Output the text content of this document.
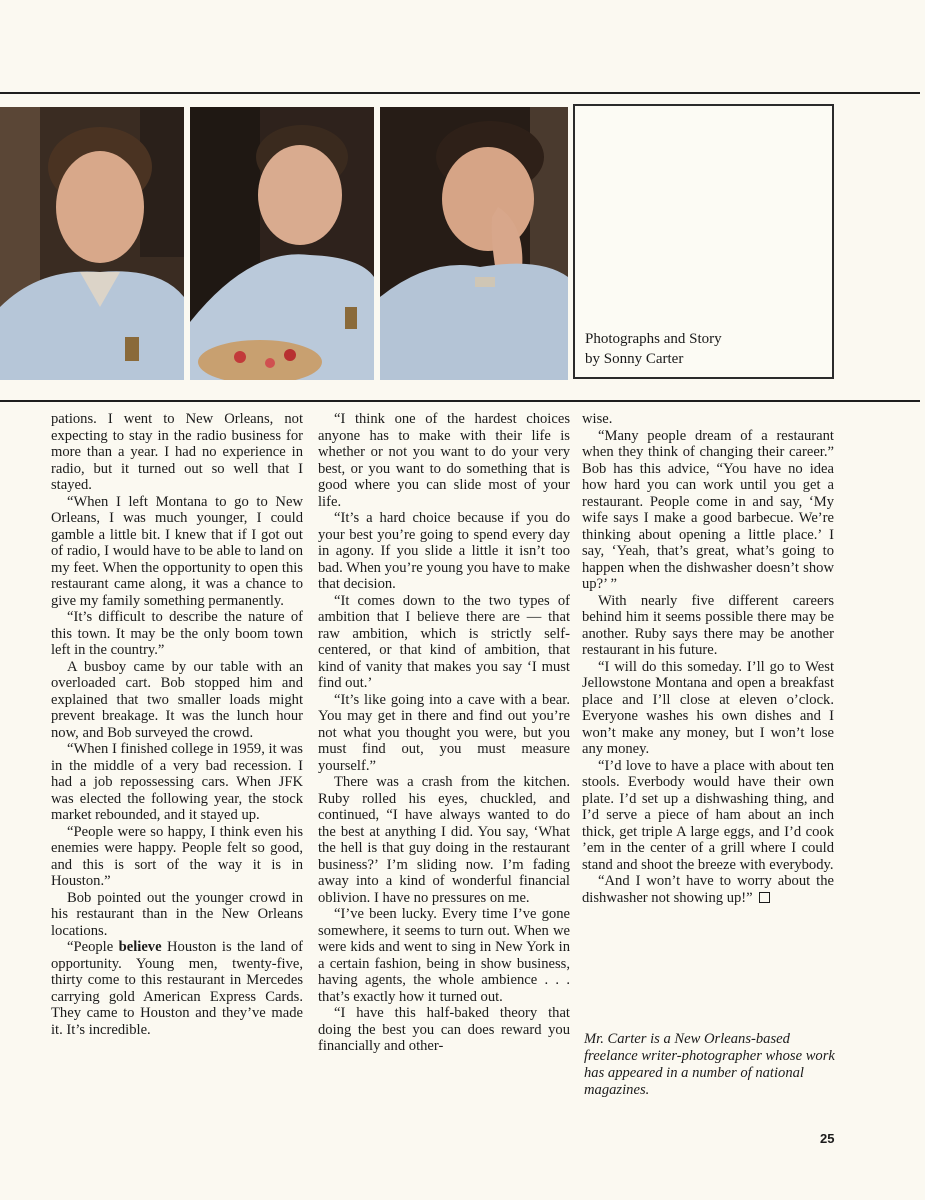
Photographs and Story
by Sonny Carter

pations. I went to New Orleans, not expecting to stay in the radio business for more than a year. I had no experience in radio, but it turned out so well that I stayed.

“When I left Montana to go to New Orleans, I was much younger, I could gamble a little bit. I knew that if I got out of radio, I would have to be able to land on my feet. When the opportunity to open this restaurant came along, it was a chance to give my family something permanently.

“It’s difficult to describe the nature of this town. It may be the only boom town left in the country.”

A busboy came by our table with an overloaded cart. Bob stopped him and explained that two smaller loads might prevent breakage. It was the lunch hour now, and Bob surveyed the crowd.

“When I finished college in 1959, it was in the middle of a very bad recession. I had a job repossessing cars. When JFK was elected the following year, the stock market rebounded, and it stayed up.

“People were so happy, I think even his enemies were happy. People felt so good, and this is sort of the way it is in Houston.”

Bob pointed out the younger crowd in his restaurant than in the New Orleans locations.

“People believe Houston is the land of opportunity. Young men, twenty-five, thirty come to this restaurant in Mercedes carrying gold American Express Cards. They came to Houston and they’ve made it. It’s incredible.

“I think one of the hardest choices anyone has to make with their life is whether or not you want to do your very best, or you want to do something that is good where you can slide most of your life.

“It’s a hard choice because if you do your best you’re going to spend every day in agony. If you slide a little it isn’t too bad. When you’re young you have to make that decision.

“It comes down to the two types of ambition that I believe there are — that raw ambition, which is strictly self-centered, or that kind of ambition, that kind of vanity that makes you say ‘I must find out.’

“It’s like going into a cave with a bear. You may get in there and find out you’re not what you thought you were, but you must find out, you must measure yourself.”

There was a crash from the kitchen. Ruby rolled his eyes, chuckled, and continued, “I have always wanted to do the best at anything I did. You say, ‘What the hell is that guy doing in the restaurant business?’ I’m sliding now. I’m fading away into a kind of wonderful financial oblivion. I have no pressures on me.

“I’ve been lucky. Every time I’ve gone somewhere, it seems to turn out. When we were kids and went to sing in New York in a certain fashion, being in show business, having agents, the whole ambience . . . that’s exactly how it turned out.

“I have this half-baked theory that doing the best you can does reward you financially and other-

wise.

“Many people dream of a restaurant when they think of changing their career.” Bob has this advice, “You have no idea how hard you can work until you get a restaurant. People come in and say, ‘My wife says I make a good barbecue. We’re thinking about opening a little place.’ I say, ‘Yeah, that’s great, what’s going to happen when the dishwasher doesn’t show up?’ ”

With nearly five different careers behind him it seems possible there may be another. Ruby says there may be another restaurant in his future.

“I will do this someday. I’ll go to West Jellowstone Montana and open a breakfast place and I’ll close at eleven o’clock. Everyone washes his own dishes and I won’t make any money, but I won’t lose any money.

“I’d love to have a place with about ten stools. Everbody would have their own plate. I’d set up a dishwashing thing, and I’d serve a piece of ham about an inch thick, get triple A large eggs, and I’d cook ’em in the center of a grill where I could stand and shoot the breeze with everybody.

“And I won’t have to worry about the dishwasher not showing up!”

Mr. Carter is a New Orleans-based freelance writer-photographer whose work has appeared in a number of national magazines.
25
